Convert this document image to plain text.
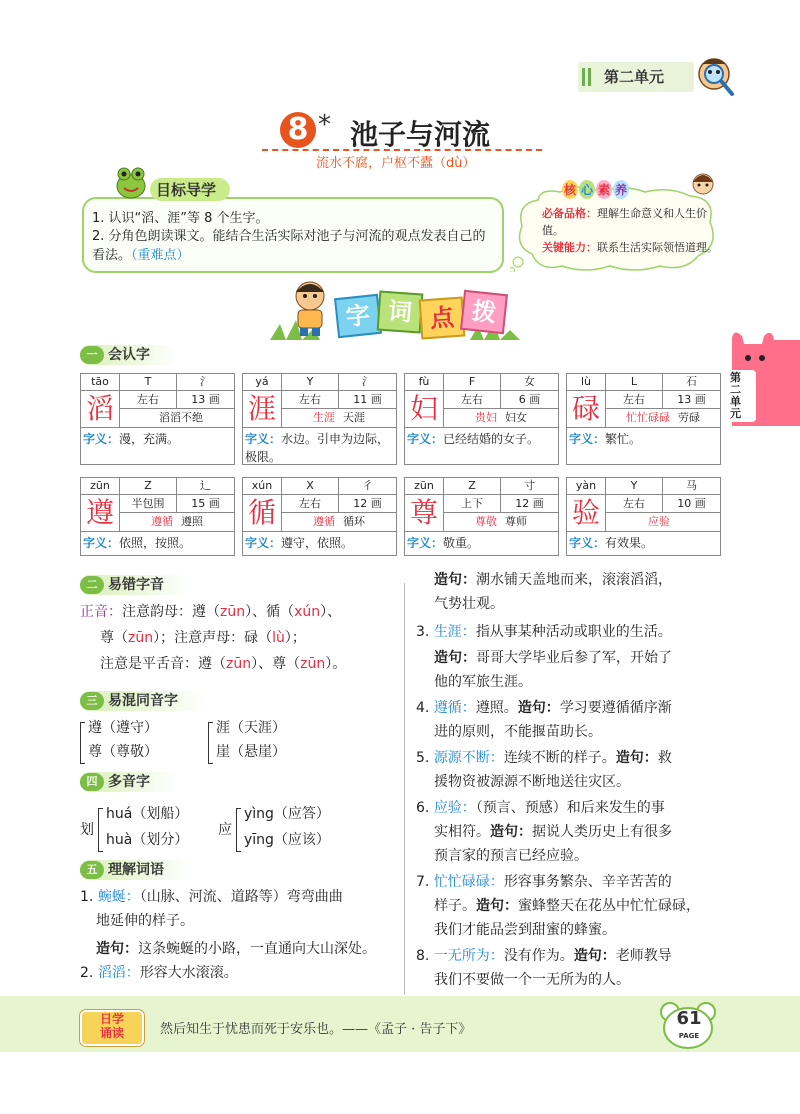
第二单元
8 * 池子与河流
流水不腐，户枢不蠹（dù）
目标导学
1. 认识“滔、涯”等 8 个生字。
2. 分角色朗读课文。能结合生活实际对池子与河流的观点发表自己的看法。（重难点）
核 心 素 养
必备品格：理解生命意义和人生价值。
关键能力：联系生活实际领悟道理。
字 词 点 拨
第二单元
一 会认字
tāo	T	氵
滔	左右	13 画
滔滔不绝
字义：漫，充满。
yá	Y	氵
涯	左右	11 画
生涯 天涯
字义：水边。引申为边际，极限。
fù	F	女
妇	左右	6 画
贵妇 妇女
字义：已经结婚的女子。
lù	L	石
碌	左右	13 画
忙忙碌碌 劳碌
字义：繁忙。
zūn	Z	辶
遵	半包围	15 画
遵循 遵照
字义：依照，按照。
xún	X	彳
循	左右	12 画
遵循 循环
字义：遵守，依照。
zūn	Z	寸
尊	上下	12 画
尊敬 尊师
字义：敬重。
yàn	Y	马
验	左右	10 画
应验
字义：有效果。
二 易错字音
正音：注意韵母：遵（zūn）、循（xún）、
尊（zūn）；注意声母：碌（lù）；
注意是平舌音：遵（zūn）、尊（zūn）。
三 易混同音字
遵（遵守）
尊（尊敬）
涯（天涯）
崖（悬崖）
四 多音字
划
huá（划船）
huà（划分）
应
yìng（应答）
yīng（应该）
五 理解词语
1. 蜿蜒：（山脉、河流、道路等）弯弯曲曲
地延伸的样子。
造句：这条蜿蜒的小路，一直通向大山深处。
2. 滔滔：形容大水滚滚。
造句：潮水铺天盖地而来，滚滚滔滔，
气势壮观。
3. 生涯：指从事某种活动或职业的生活。
造句：哥哥大学毕业后参了军，开始了
他的军旅生涯。
4. 遵循：遵照。造句：学习要遵循循序渐
进的原则，不能揠苗助长。
5. 源源不断：连续不断的样子。造句：救
援物资被源源不断地送往灾区。
6. 应验：（预言、预感）和后来发生的事
实相符。造句：据说人类历史上有很多
预言家的预言已经应验。
7. 忙忙碌碌：形容事务繁杂、辛辛苦苦的
样子。造句：蜜蜂整天在花丛中忙忙碌碌，
我们才能品尝到甜蜜的蜂蜜。
8. 一无所为：没有作为。造句：老师教导
我们不要做一个一无所为的人。
日学
诵读	然后知生于忧患而死于安乐也。——《孟子 · 告子下》
61
PAGE
